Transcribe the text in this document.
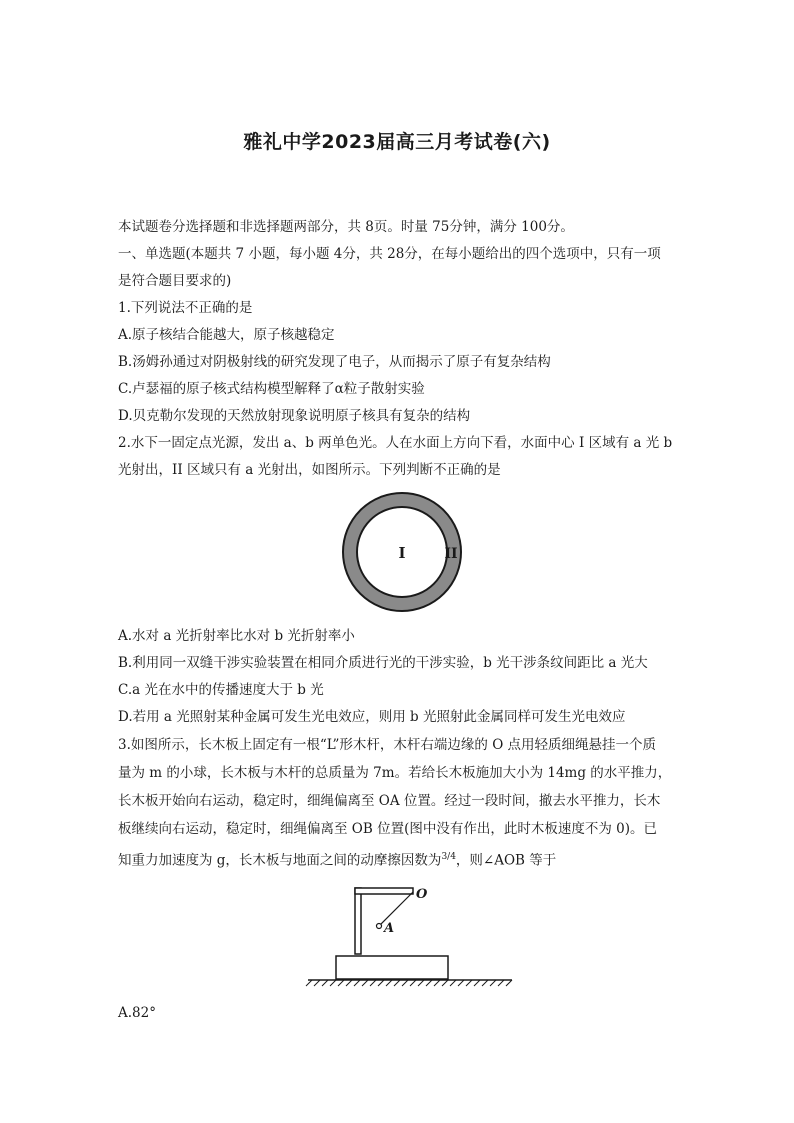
雅礼中学2023届高三月考试卷(六)
本试题卷分选择题和非选择题两部分，共 8页。时量 75分钟，满分 100分。
一、单选题(本题共 7 小题，每小题 4分，共 28分，在每小题给出的四个选项中，只有一项
是符合题目要求的)
1.下列说法不正确的是
A.原子核结合能越大，原子核越稳定
B.汤姆孙通过对阴极射线的研究发现了电子，从而揭示了原子有复杂结构
C.卢瑟福的原子核式结构模型解释了α粒子散射实验
D.贝克勒尔发现的天然放射现象说明原子核具有复杂的结构
2.水下一固定点光源，发出 a、b 两单色光。人在水面上方向下看，水面中心 I 区域有 a 光 b
光射出，II 区域只有 a 光射出，如图所示。下列判断不正确的是
I	II
A.水对 a 光折射率比水对 b 光折射率小
B.利用同一双缝干涉实验装置在相同介质进行光的干涉实验，b 光干涉条纹间距比 a 光大
C.a 光在水中的传播速度大于 b 光
D.若用 a 光照射某种金属可发生光电效应，则用 b 光照射此金属同样可发生光电效应
3.如图所示，长木板上固定有一根“L”形木杆，木杆右端边缘的 O 点用轻质细绳悬挂一个质
量为 m 的小球，长木板与木杆的总质量为 7m。若给长木板施加大小为 14mg 的水平推力，
长木板开始向右运动，稳定时，细绳偏离至 OA 位置。经过一段时间，撤去水平推力，长木
板继续向右运动，稳定时，细绳偏离至 OB 位置(图中没有作出，此时木板速度不为 0)。已
知重力加速度为 g，长木板与地面之间的动摩擦因数为$^{3/4}$，则∠AOB 等于
O
A
A.82°
